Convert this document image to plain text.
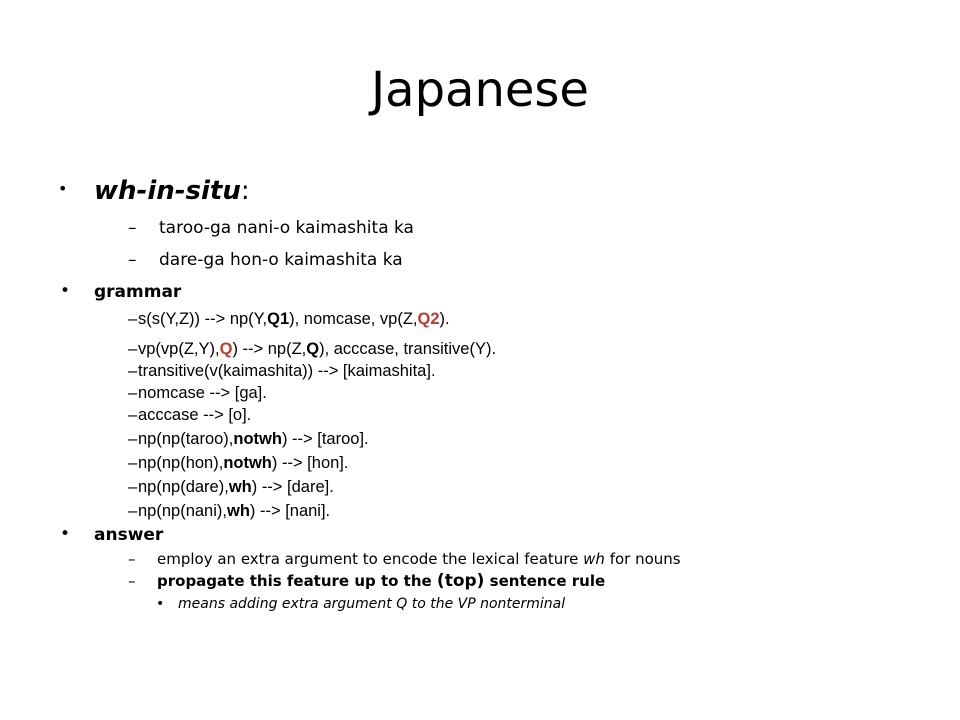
Japanese
• wh-in-situ:
– taroo-ga nani-o kaimashita ka
– dare-ga hon-o kaimashita ka
• grammar
– s(s(Y,Z)) --> np(Y,Q1), nomcase, vp(Z,Q2).
– vp(vp(Z,Y),Q) --> np(Z,Q), acccase, transitive(Y).
– transitive(v(kaimashita)) --> [kaimashita].
– nomcase --> [ga].
– acccase --> [o].
– np(np(taroo),notwh) --> [taroo].
– np(np(hon),notwh) --> [hon].
– np(np(dare),wh) --> [dare].
– np(np(nani),wh) --> [nani].
• answer
– employ an extra argument to encode the lexical feature wh for nouns
– propagate this feature up to the (top) sentence rule
• means adding extra argument Q to the VP nonterminal
